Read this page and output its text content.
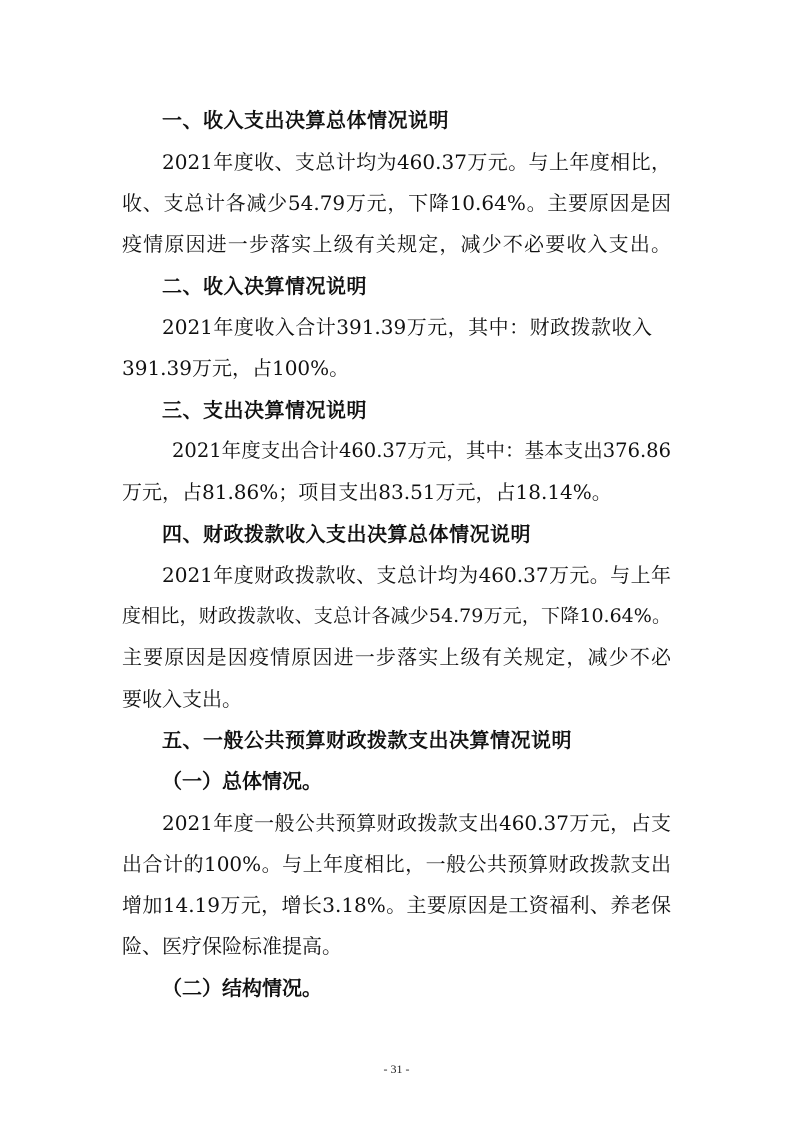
一、收入支出决算总体情况说明
2021年度收、支总计均为460.37万元。与上年度相比，
收、支总计各减少54.79万元，下降10.64%。主要原因是因
疫情原因进一步落实上级有关规定，减少不必要收入支出。
二、收入决算情况说明
2021年度收入合计391.39万元，其中：财政拨款收入
391.39万元，占100%。
三、支出决算情况说明
2021年度支出合计460.37万元，其中：基本支出376.86
万元，占81.86%；项目支出83.51万元，占18.14%。
四、财政拨款收入支出决算总体情况说明
2021年度财政拨款收、支总计均为460.37万元。与上年
度相比，财政拨款收、支总计各减少54.79万元，下降10.64%。
主要原因是因疫情原因进一步落实上级有关规定，减少不必
要收入支出。
五、一般公共预算财政拨款支出决算情况说明
（一）总体情况。
2021年度一般公共预算财政拨款支出460.37万元，占支
出合计的100%。与上年度相比，一般公共预算财政拨款支出
增加14.19万元，增长3.18%。主要原因是工资福利、养老保
险、医疗保险标准提高。
（二）结构情况。
- 31 -
